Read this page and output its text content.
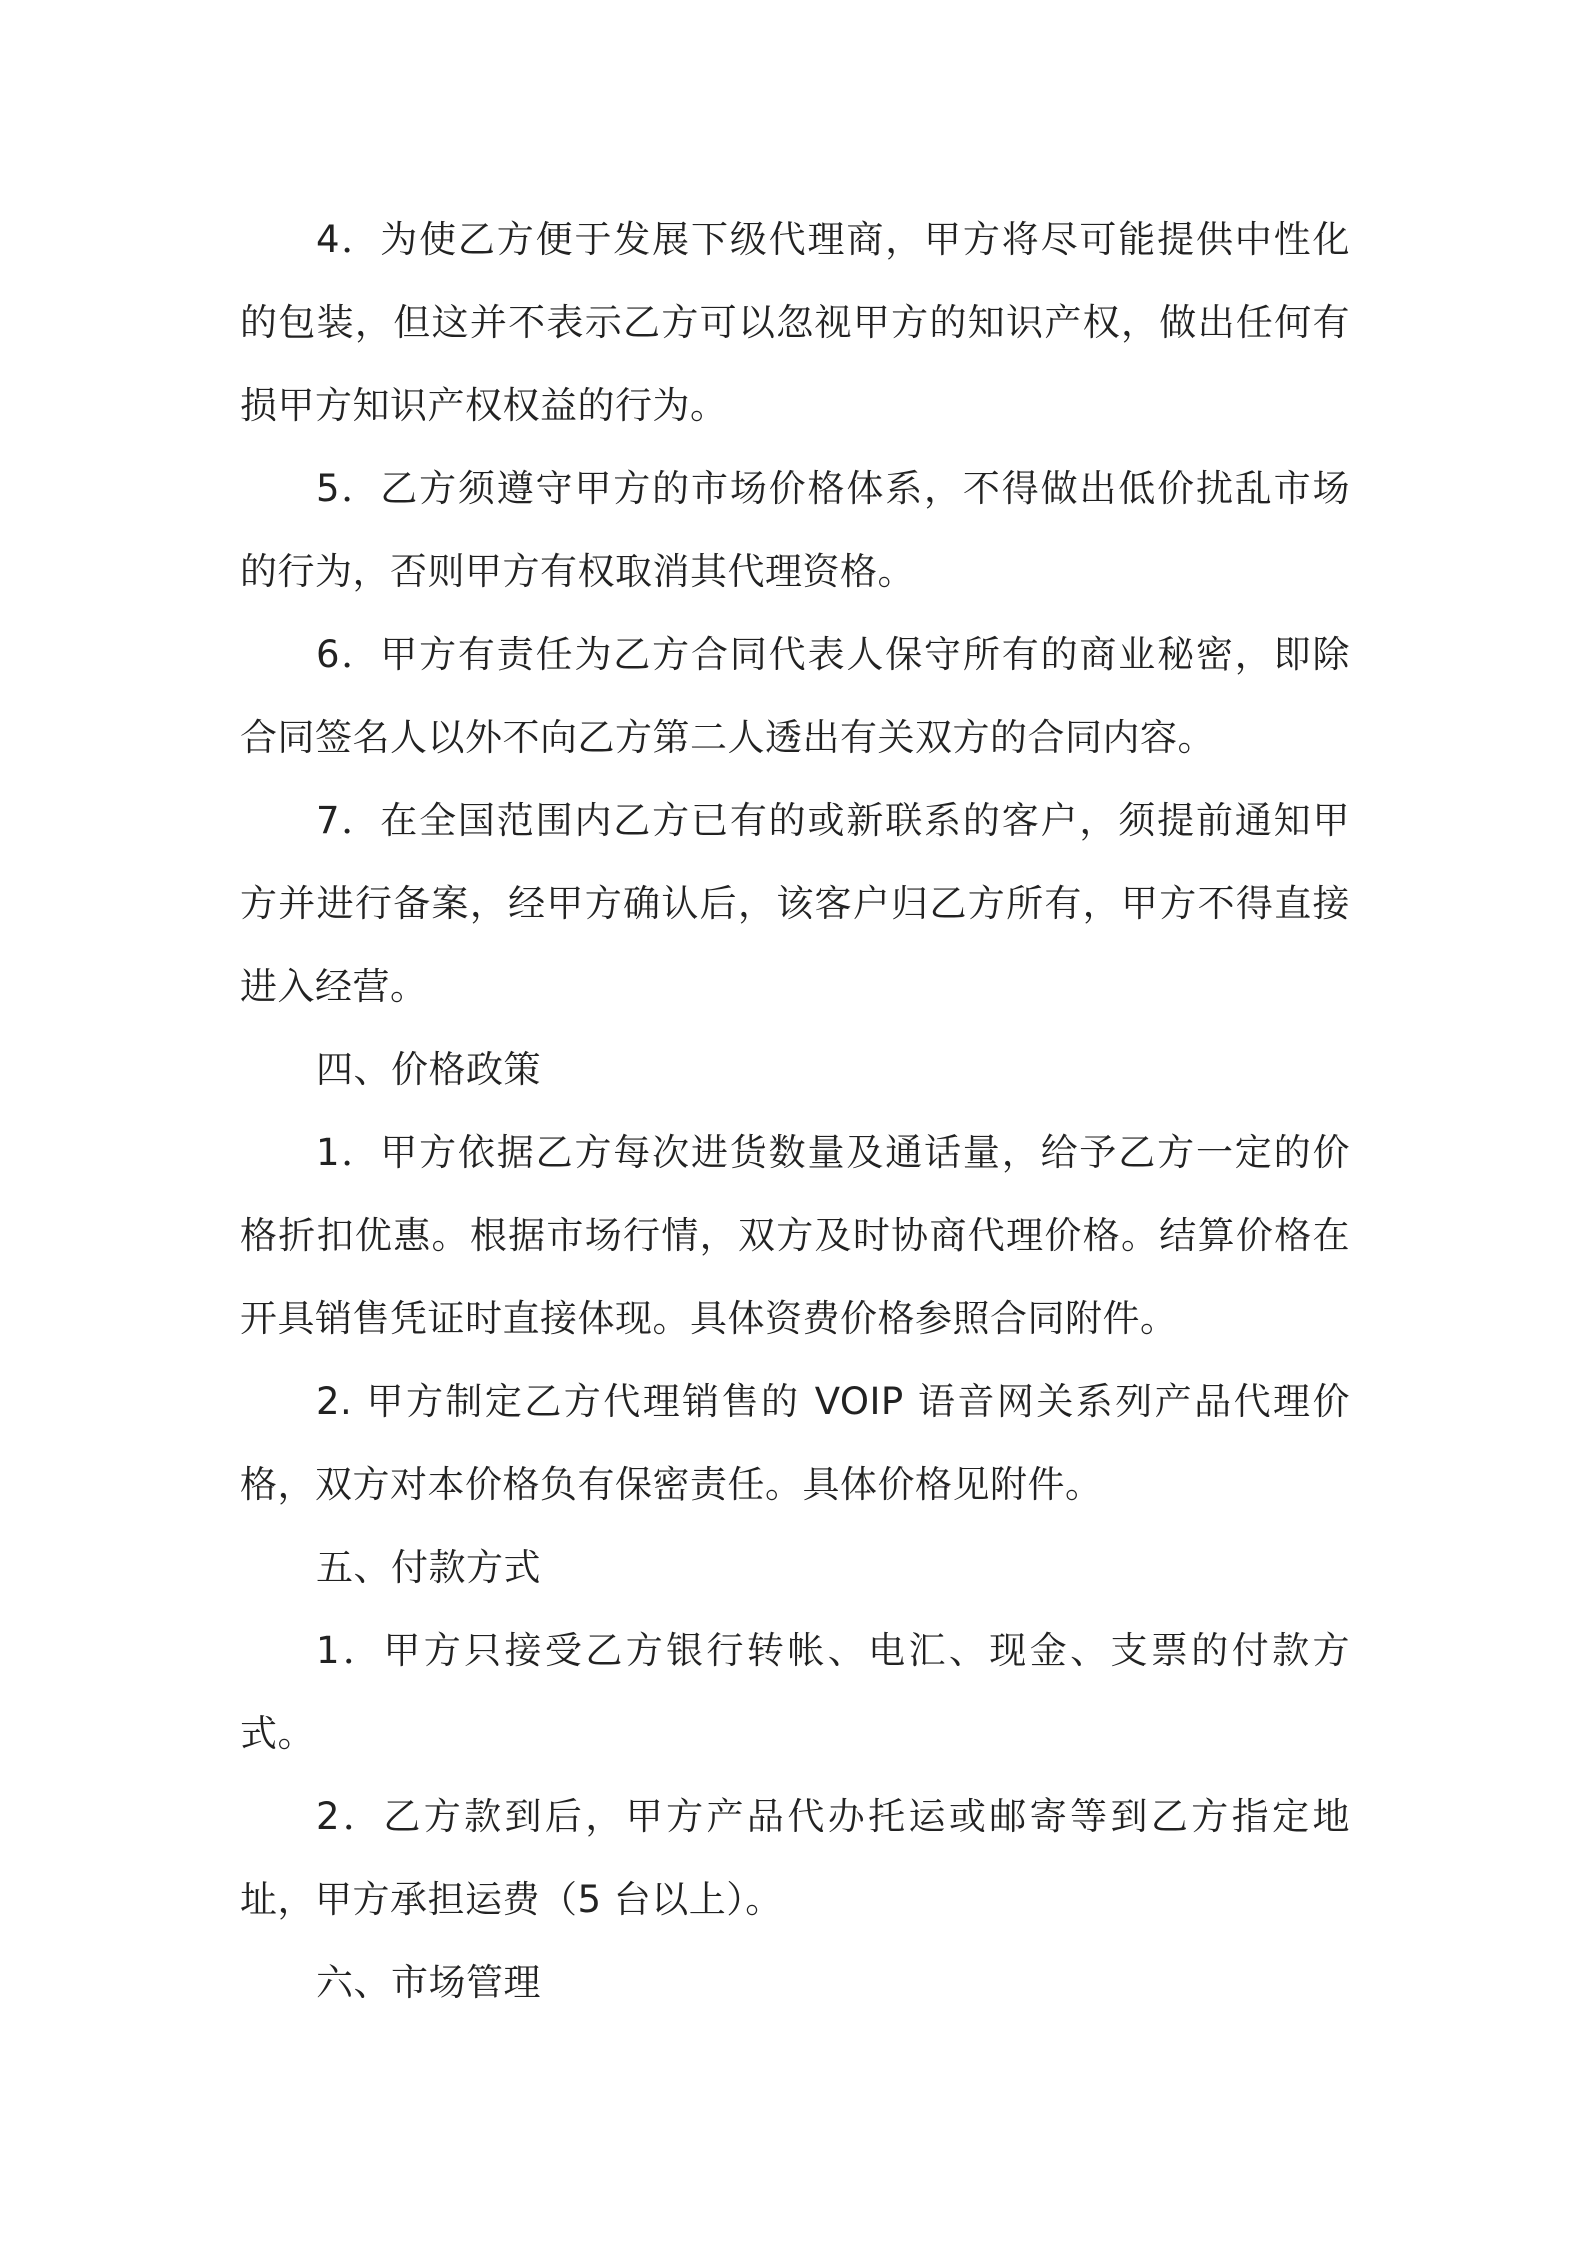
4．为使乙方便于发展下级代理商，甲方将尽可能提供中性化的包装，但这并不表示乙方可以忽视甲方的知识产权，做出任何有损甲方知识产权权益的行为。

5．乙方须遵守甲方的市场价格体系，不得做出低价扰乱市场的行为，否则甲方有权取消其代理资格。

6．甲方有责任为乙方合同代表人保守所有的商业秘密，即除合同签名人以外不向乙方第二人透出有关双方的合同内容。

7．在全国范围内乙方已有的或新联系的客户，须提前通知甲方并进行备案，经甲方确认后，该客户归乙方所有，甲方不得直接进入经营。

四、价格政策

1．甲方依据乙方每次进货数量及通话量，给予乙方一定的价格折扣优惠。根据市场行情，双方及时协商代理价格。结算价格在开具销售凭证时直接体现。具体资费价格参照合同附件。

2. 甲方制定乙方代理销售的 VOIP 语音网关系列产品代理价格，双方对本价格负有保密责任。具体价格见附件。

五、付款方式

1．甲方只接受乙方银行转帐、电汇、现金、支票的付款方式。

2．乙方款到后，甲方产品代办托运或邮寄等到乙方指定地址，甲方承担运费（5 台以上）。

六、市场管理
